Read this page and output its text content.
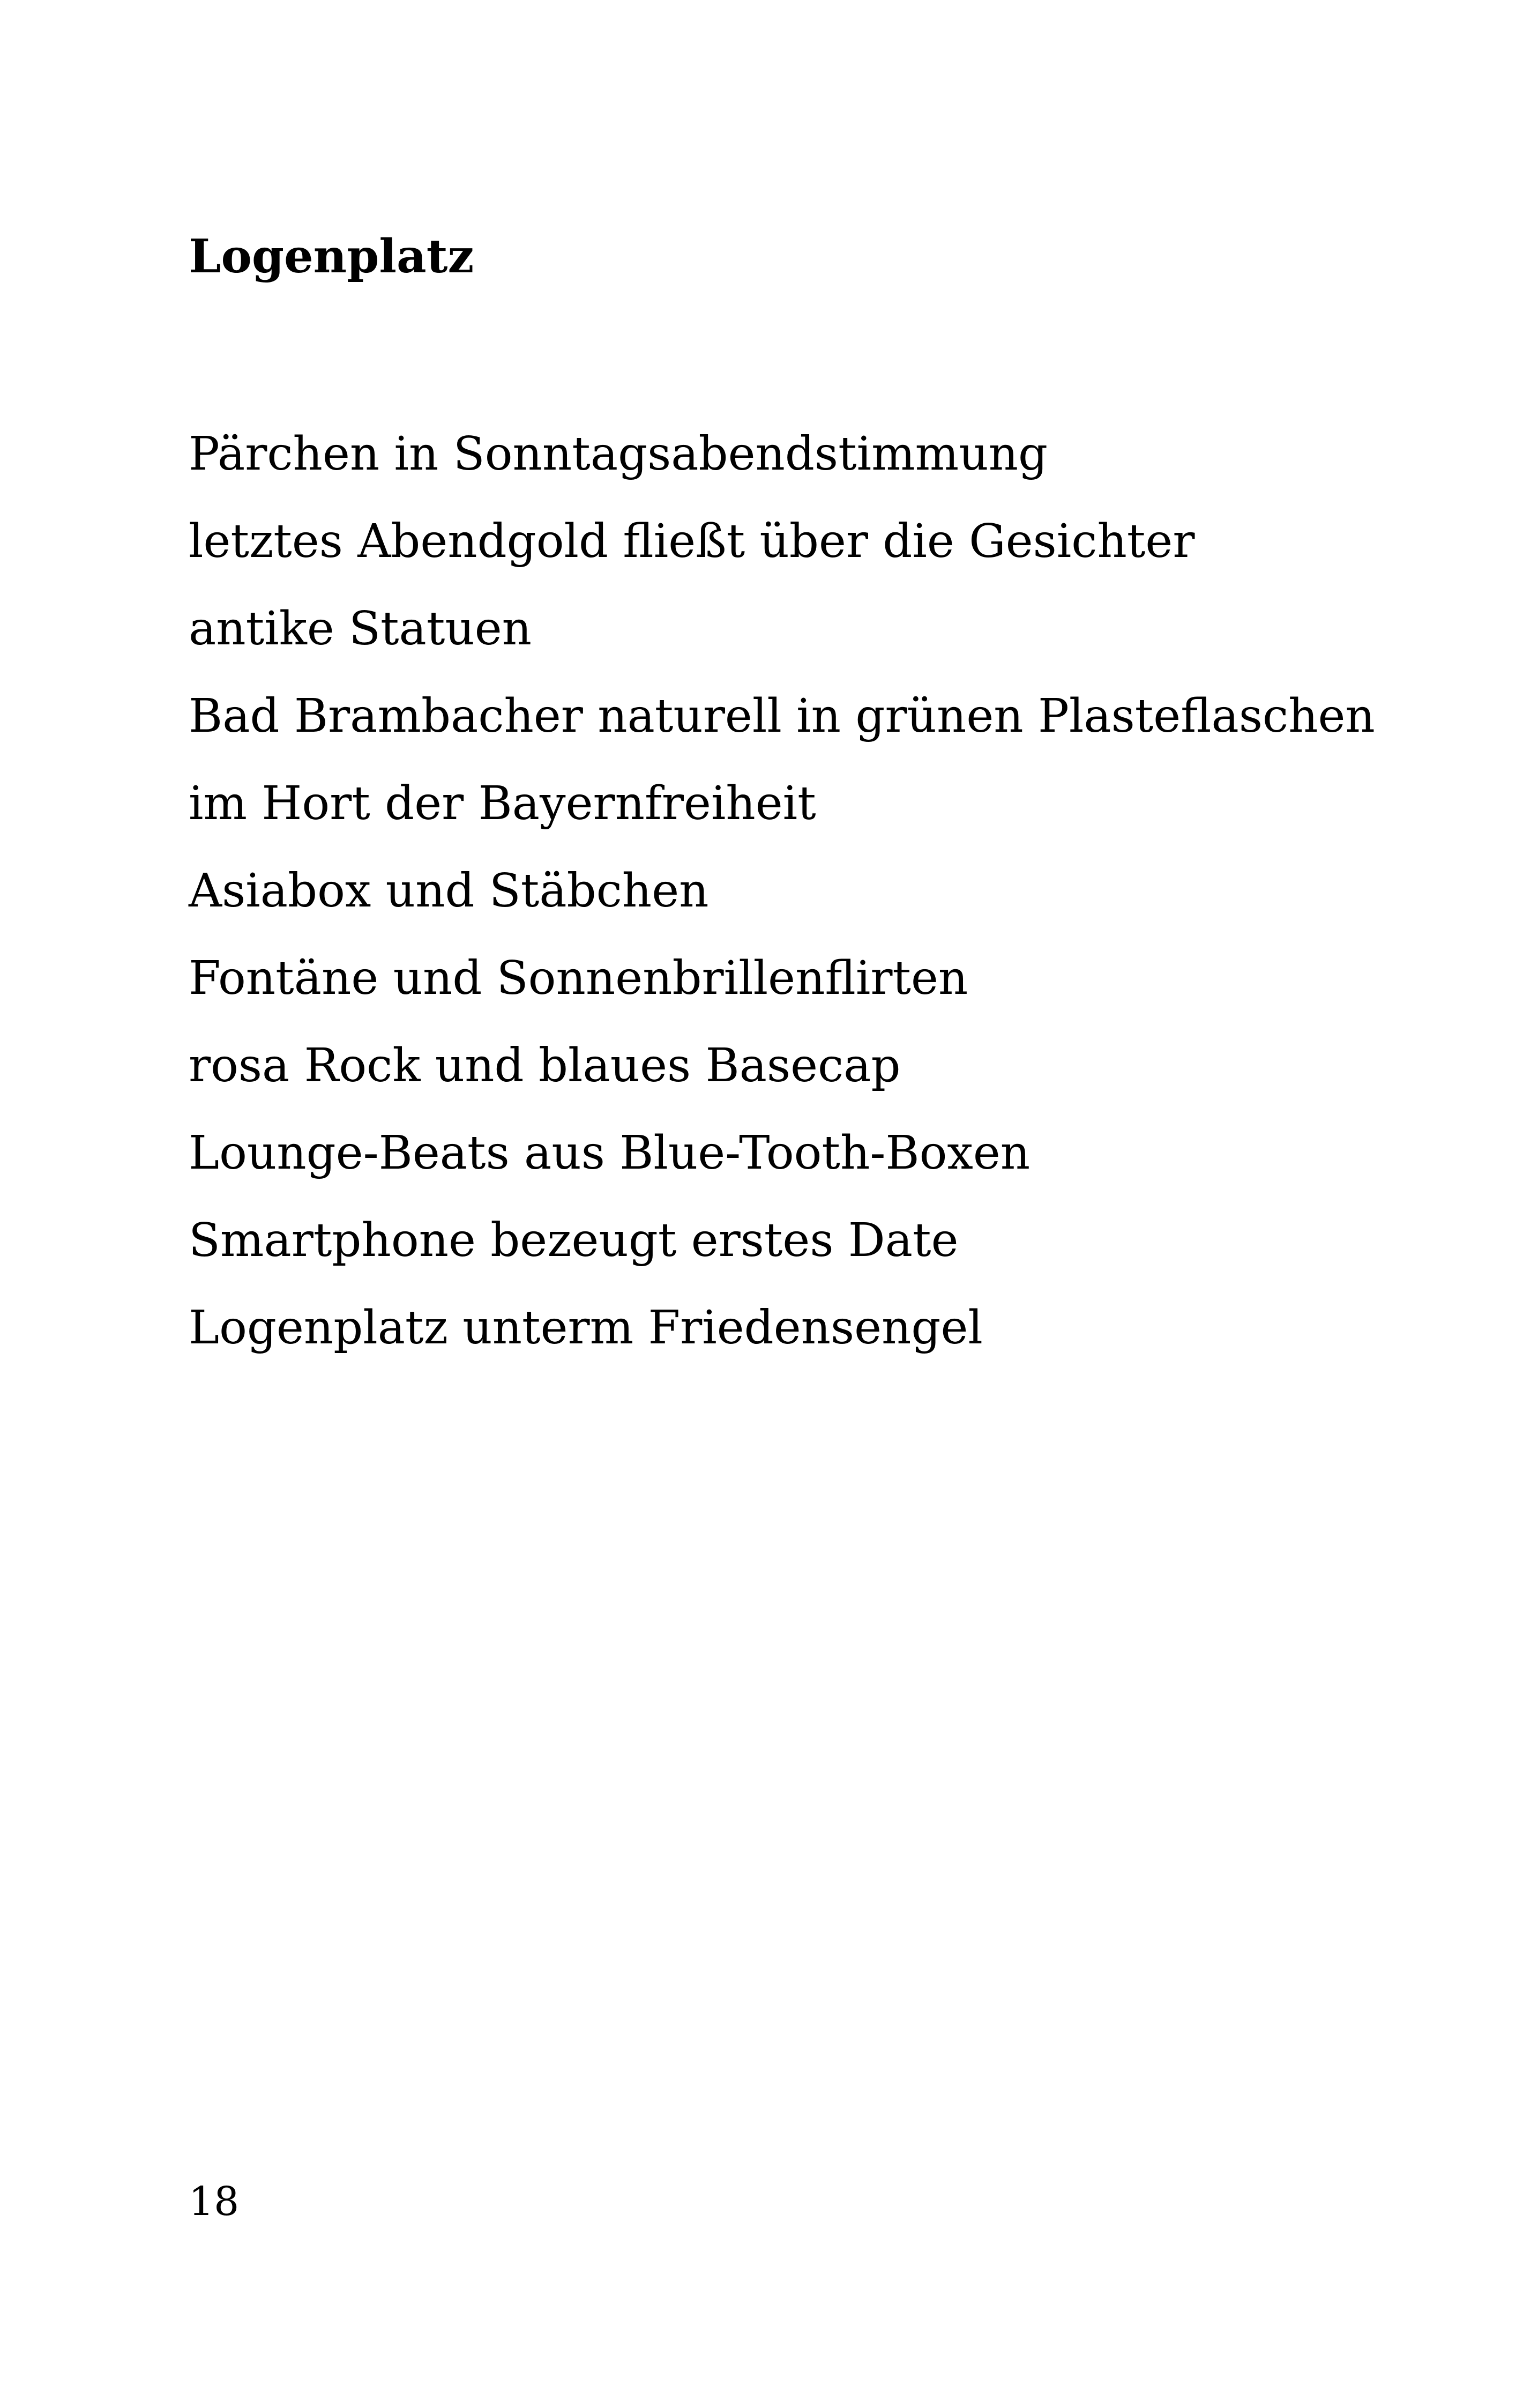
Logenplatz
Pärchen in Sonntagsabendstimmung
letztes Abendgold fließt über die Gesichter
antike Statuen
Bad Brambacher naturell in grünen Plasteflaschen
im Hort der Bayernfreiheit
Asiabox und Stäbchen
Fontäne und Sonnenbrillenflirten
rosa Rock und blaues Basecap
Lounge-Beats aus Blue-Tooth-Boxen
Smartphone bezeugt erstes Date
Logenplatz unterm Friedensengel
18
